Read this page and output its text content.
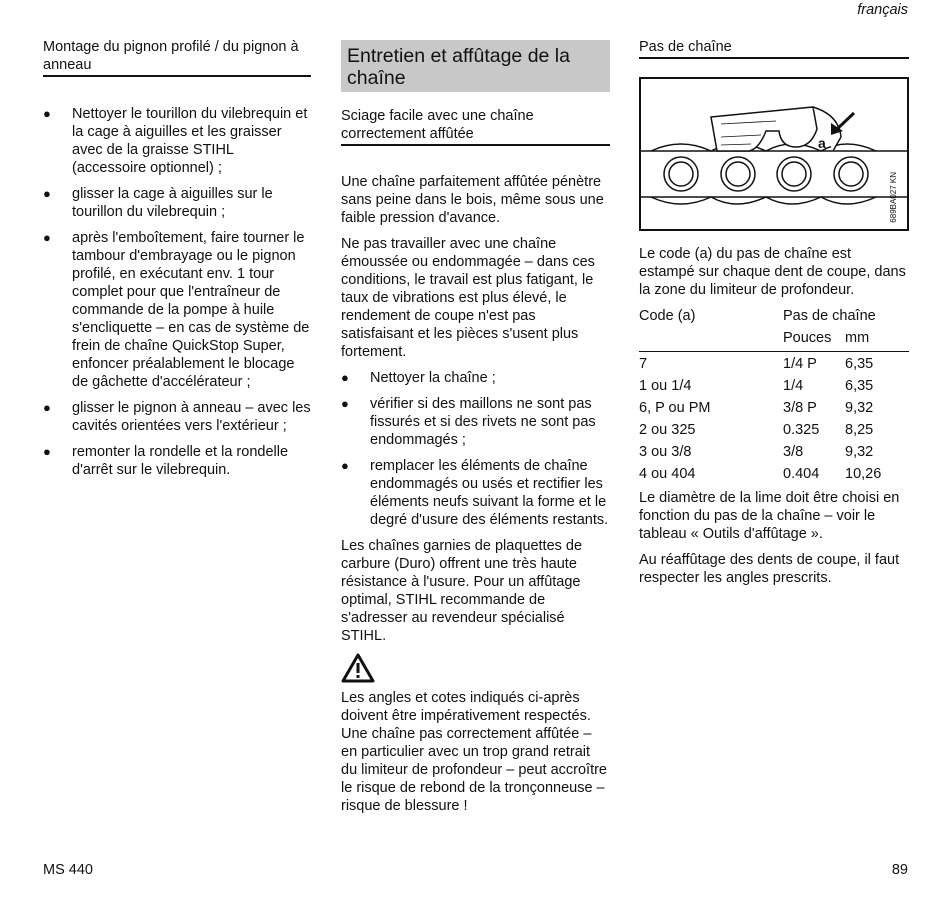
français
Montage du pignon profilé / du pignon à anneau
● Nettoyer le tourillon du vilebrequin et la cage à aiguilles et les graisser avec de la graisse STIHL (accessoire optionnel) ;
● glisser la cage à aiguilles sur le tourillon du vilebrequin ;
● après l'emboîtement, faire tourner le tambour d'embrayage ou le pignon profilé, en exécutant env. 1 tour complet pour que l'entraîneur de commande de la pompe à huile s'encliquette – en cas de système de frein de chaîne QuickStop Super, enfoncer préalablement le blocage de gâchette d'accélérateur ;
● glisser le pignon à anneau – avec les cavités orientées vers l'extérieur ;
● remonter la rondelle et la rondelle d'arrêt sur le vilebrequin.
Entretien et affûtage de la chaîne
Sciage facile avec une chaîne correctement affûtée

Une chaîne parfaitement affûtée pénètre sans peine dans le bois, même sous une faible pression d'avance.

Ne pas travailler avec une chaîne émoussée ou endommagée – dans ces conditions, le travail est plus fatigant, le taux de vibrations est plus élevé, le rendement de coupe n'est pas satisfaisant et les pièces s'usent plus fortement.

● Nettoyer la chaîne ;
● vérifier si des maillons ne sont pas fissurés et si des rivets ne sont pas endommagés ;
● remplacer les éléments de chaîne endommagés ou usés et rectifier les éléments neufs suivant la forme et le degré d'usure des éléments restants.

Les chaînes garnies de plaquettes de carbure (Duro) offrent une très haute résistance à l'usure. Pour un affûtage optimal, STIHL recommande de s'adresser au revendeur spécialisé STIHL.

Les angles et cotes indiqués ci-après doivent être impérativement respectés. Une chaîne pas correctement affûtée – en particulier avec un trop grand retrait du limiteur de profondeur – peut accroître le risque de rebond de la tronçonneuse – risque de blessure !

Pas de chaîne
a
689BA027 KN

Le code (a) du pas de chaîne est estampé sur chaque dent de coupe, dans la zone du limiteur de profondeur.

Code (a)	Pas de chaîne	
	Pouces	mm
7	1/4 P	6,35
1 ou 1/4	1/4	6,35
6, P ou PM	3/8 P	9,32
2 ou 325	0.325	8,25
3 ou 3/8	3/8	9,32
4 ou 404	0.404	10,26

Le diamètre de la lime doit être choisi en fonction du pas de la chaîne – voir le tableau « Outils d'affûtage ».

Au réaffûtage des dents de coupe, il faut respecter les angles prescrits.

MS 440	89
